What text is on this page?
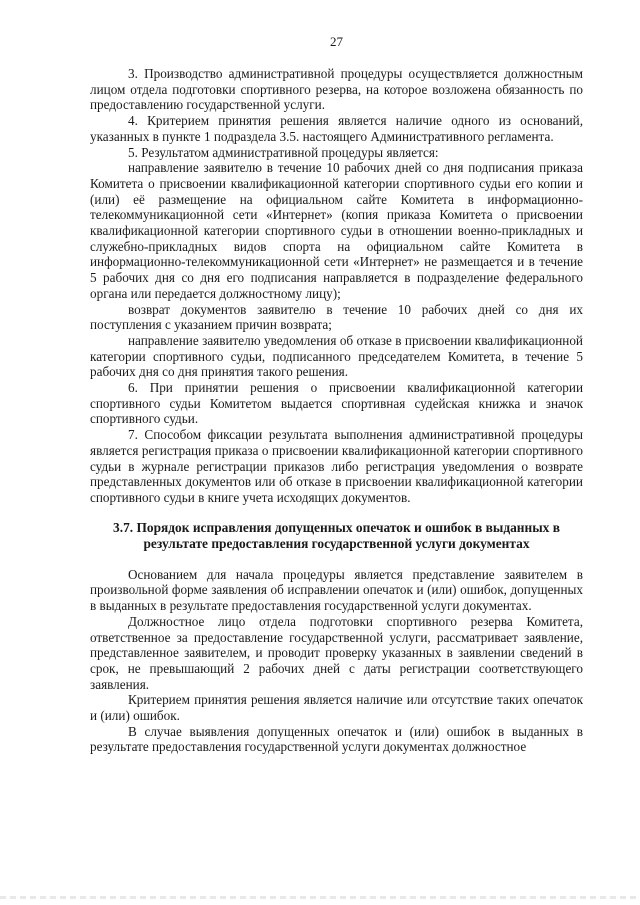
27

3. Производство административной процедуры осуществляется должностным лицом отдела подготовки спортивного резерва, на которое возложена обязанность по предоставлению государственной услуги.

4. Критерием принятия решения является наличие одного из оснований, указанных в пункте 1 подраздела 3.5. настоящего Административного регламента.

5. Результатом административной процедуры является:

направление заявителю в течение 10 рабочих дней со дня подписания приказа Комитета о присвоении квалификационной категории спортивного судьи его копии и (или) её размещение на официальном сайте Комитета в информационно-телекоммуникационной сети «Интернет» (копия приказа Комитета о присвоении квалификационной категории спортивного судьи в отношении военно-прикладных и служебно-прикладных видов спорта на официальном сайте Комитета в информационно-телекоммуникационной сети «Интернет» не размещается и в течение 5 рабочих дня со дня его подписания направляется в подразделение федерального органа или передается должностному лицу);

возврат документов заявителю в течение 10 рабочих дней со дня их поступления с указанием причин возврата;

направление заявителю уведомления об отказе в присвоении квалификационной категории спортивного судьи, подписанного председателем Комитета, в течение 5 рабочих дня со дня принятия такого решения.

6. При принятии решения о присвоении квалификационной категории спортивного судьи Комитетом выдается спортивная судейская книжка и значок спортивного судьи.

7. Способом фиксации результата выполнения административной процедуры является регистрация приказа о присвоении квалификационной категории спортивного судьи в журнале регистрации приказов либо регистрация уведомления о возврате представленных документов или об отказе в присвоении квалификационной категории спортивного судьи в книге учета исходящих документов.

3.7. Порядок исправления допущенных опечаток и ошибок в выданных в результате предоставления государственной услуги документах

Основанием для начала процедуры является представление заявителем в произвольной форме заявления об исправлении опечаток и (или) ошибок, допущенных в выданных в результате предоставления государственной услуги документах.

Должностное лицо отдела подготовки спортивного резерва Комитета, ответственное за предоставление государственной услуги, рассматривает заявление, представленное заявителем, и проводит проверку указанных в заявлении сведений в срок, не превышающий 2 рабочих дней с даты регистрации соответствующего заявления.

Критерием принятия решения является наличие или отсутствие таких опечаток и (или) ошибок.

В случае выявления допущенных опечаток и (или) ошибок в выданных в результате предоставления государственной услуги документах должностное
